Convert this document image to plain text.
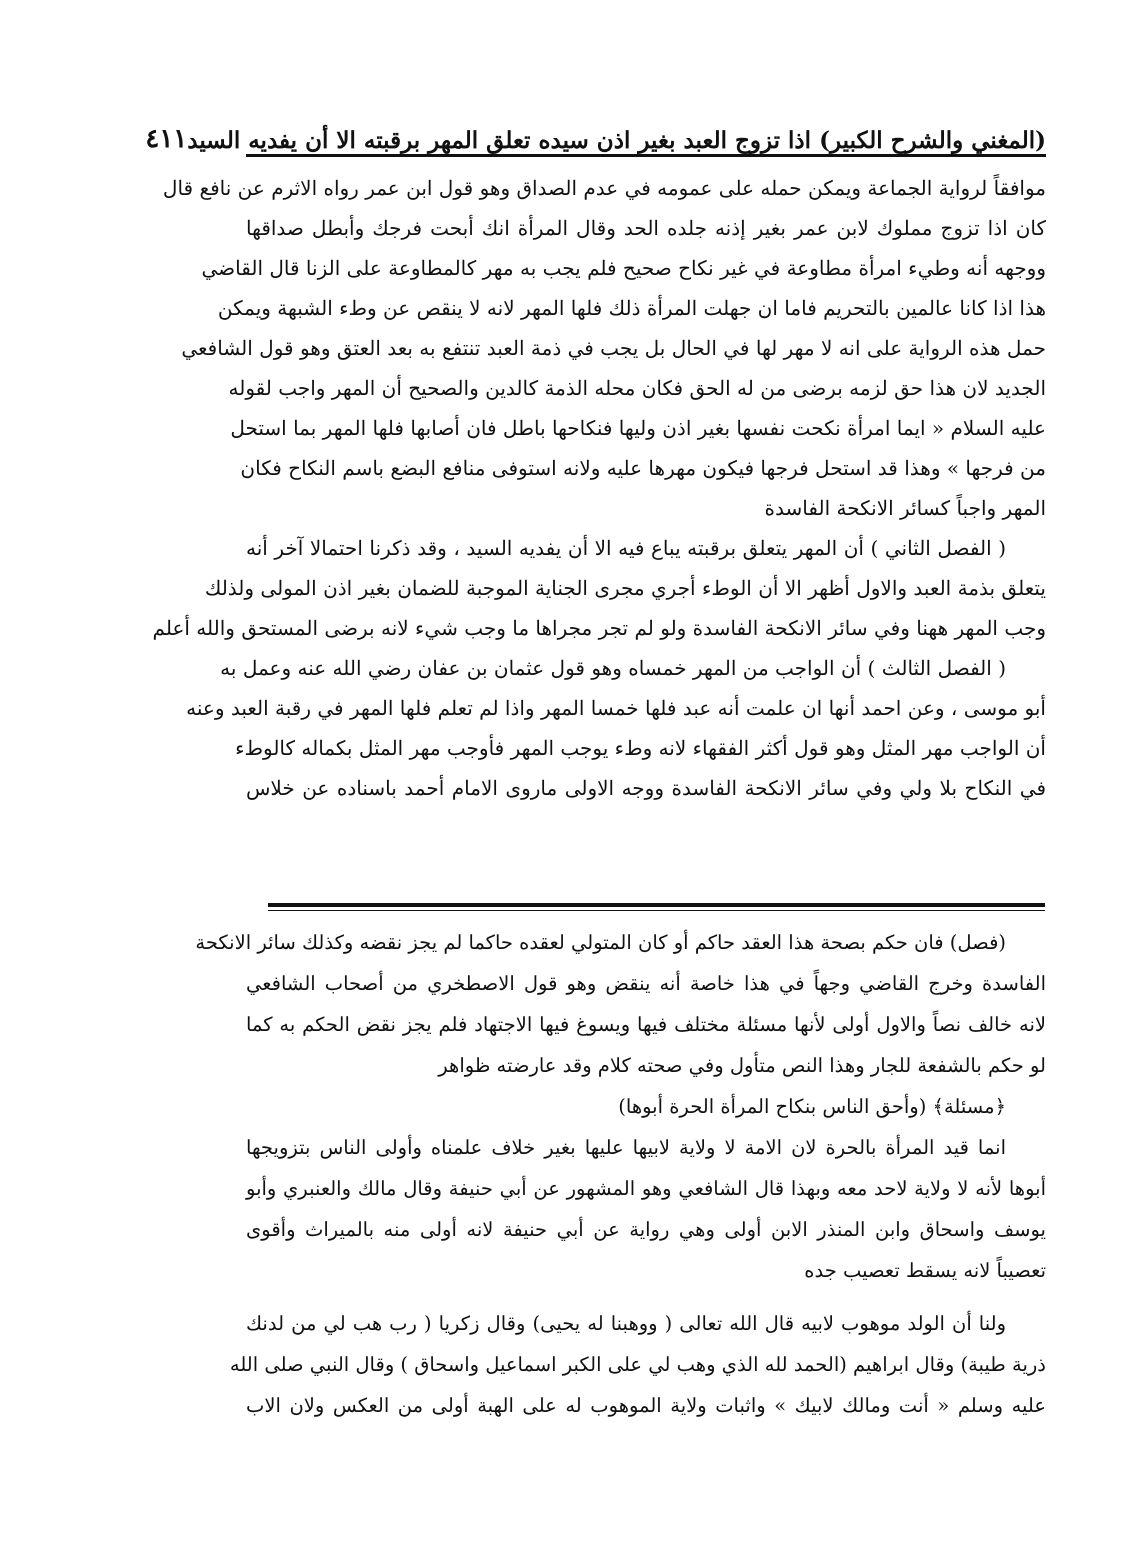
(المغني والشرح الكبير) اذا تزوج العبد بغير اذن سيده تعلق المهر برقبته الا أن يفديه السيد
٤١١
موافقاً لرواية الجماعة ويمكن حمله على عمومه في عدم الصداق وهو قول ابن عمر رواه الاثرم عن نافع قال
كان اذا تزوج مملوك لابن عمر بغير إذنه جلده الحد وقال المرأة انك أبحت فرجك وأبطل صداقها
ووجهه أنه وطيء امرأة مطاوعة في غير نكاح صحيح فلم يجب به مهر كالمطاوعة على الزنا قال القاضي
هذا اذا كانا عالمين بالتحريم فاما ان جهلت المرأة ذلك فلها المهر لانه لا ينقص عن وطء الشبهة ويمكن
حمل هذه الرواية على انه لا مهر لها في الحال بل يجب في ذمة العبد تنتفع به بعد العتق وهو قول الشافعي
الجديد لان هذا حق لزمه برضى من له الحق فكان محله الذمة كالدين والصحيح أن المهر واجب لقوله
عليه السلام « ايما امرأة نكحت نفسها بغير اذن وليها فنكاحها باطل فان أصابها فلها المهر بما استحل
من فرجها » وهذا قد استحل فرجها فيكون مهرها عليه ولانه استوفى منافع البضع باسم النكاح فكان
المهر واجباً كسائر الانكحة الفاسدة
( الفصل الثاني ) أن المهر يتعلق برقبته يباع فيه الا أن يفديه السيد ، وقد ذكرنا احتمالا آخر أنه
يتعلق بذمة العبد والاول أظهر الا أن الوطء أجري مجرى الجناية الموجبة للضمان بغير اذن المولى ولذلك
وجب المهر ههنا وفي سائر الانكحة الفاسدة ولو لم تجر مجراها ما وجب شيء لانه برضى المستحق والله أعلم
( الفصل الثالث ) أن الواجب من المهر خمساه وهو قول عثمان بن عفان رضي الله عنه وعمل به
أبو موسى ، وعن احمد أنها ان علمت أنه عبد فلها خمسا المهر واذا لم تعلم فلها المهر في رقبة العبد وعنه
أن الواجب مهر المثل وهو قول أكثر الفقهاء لانه وطء يوجب المهر فأوجب مهر المثل بكماله كالوطء
في النكاح بلا ولي وفي سائر الانكحة الفاسدة ووجه الاولى ماروى الامام أحمد باسناده عن خلاس
(فصل) فان حكم بصحة هذا العقد حاكم أو كان المتولي لعقده حاكما لم يجز نقضه وكذلك سائر الانكحة
الفاسدة وخرج القاضي وجهاً في هذا خاصة أنه ينقض وهو قول الاصطخري من أصحاب الشافعي
لانه خالف نصاً والاول أولى لأنها مسئلة مختلف فيها ويسوغ فيها الاجتهاد فلم يجز نقض الحكم به كما
لو حكم بالشفعة للجار وهذا النص متأول وفي صحته كلام وقد عارضته ظواهر
﴿مسئلة﴾ (وأحق الناس بنكاح المرأة الحرة أبوها)
انما قيد المرأة بالحرة لان الامة لا ولاية لابيها عليها بغير خلاف علمناه وأولى الناس بتزويجها
أبوها لأنه لا ولاية لاحد معه وبهذا قال الشافعي وهو المشهور عن أبي حنيفة وقال مالك والعنبري وأبو
يوسف واسحاق وابن المنذر الابن أولى وهي رواية عن أبي حنيفة لانه أولى منه بالميراث وأقوى
تعصيباً لانه يسقط تعصيب جده
ولنا أن الولد موهوب لابيه قال الله تعالى ( ووهبنا له يحيى) وقال زكريا ( رب هب لي من لدنك
ذرية طيبة) وقال ابراهيم (الحمد لله الذي وهب لي على الكبر اسماعيل واسحاق ) وقال النبي صلى الله
عليه وسلم « أنت ومالك لابيك » واثبات ولاية الموهوب له على الهبة أولى من العكس ولان الاب
